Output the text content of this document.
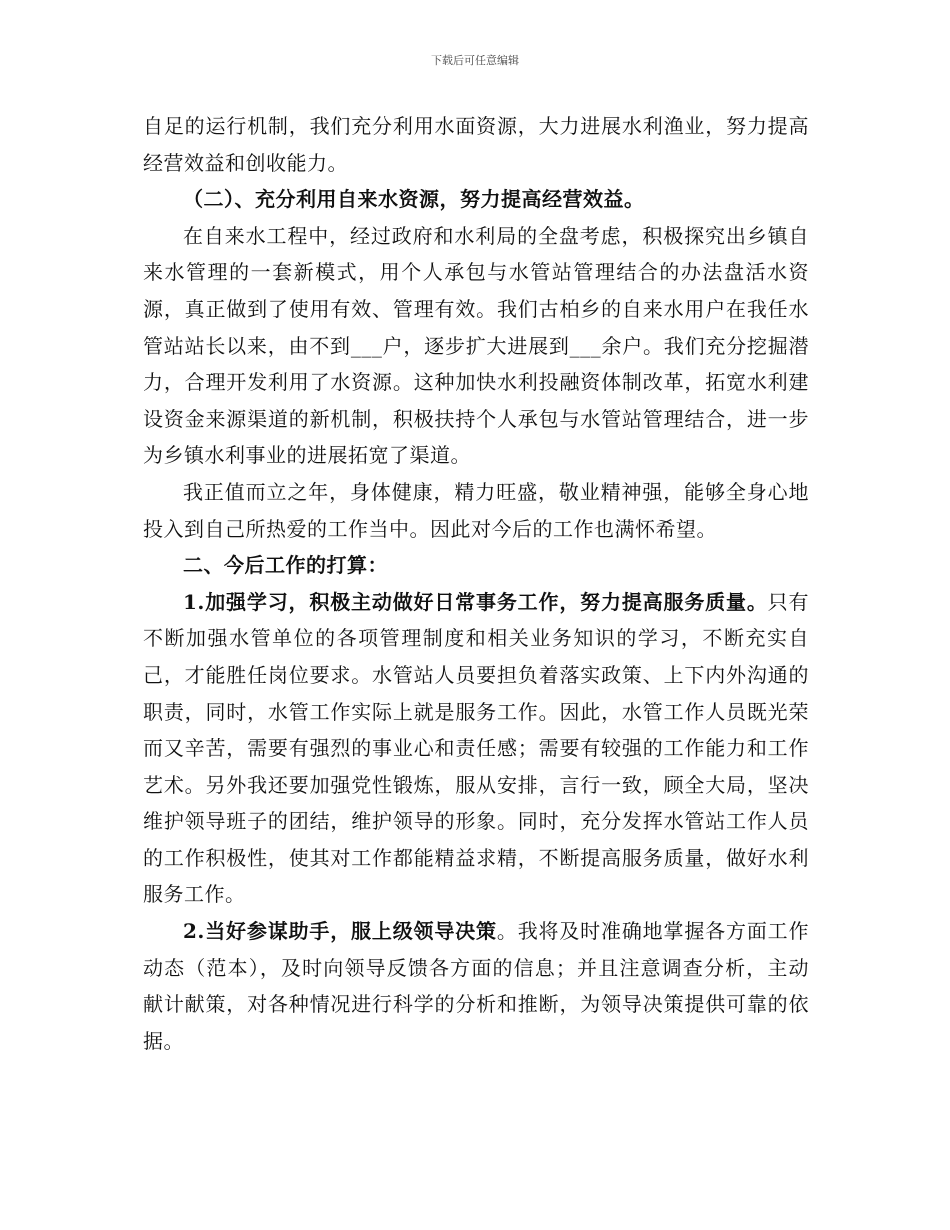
下载后可任意编辑

自足的运行机制，我们充分利用水面资源，大力进展水利渔业，努力提高经营效益和创收能力。

（二）、充分利用自来水资源，努力提高经营效益。

在自来水工程中，经过政府和水利局的全盘考虑，积极探究出乡镇自来水管理的一套新模式，用个人承包与水管站管理结合的办法盘活水资源，真正做到了使用有效、管理有效。我们古柏乡的自来水用户在我任水管站站长以来，由不到___户，逐步扩大进展到___余户。我们充分挖掘潜力，合理开发利用了水资源。这种加快水利投融资体制改革，拓宽水利建设资金来源渠道的新机制，积极扶持个人承包与水管站管理结合，进一步为乡镇水利事业的进展拓宽了渠道。

我正值而立之年，身体健康，精力旺盛，敬业精神强，能够全身心地投入到自己所热爱的工作当中。因此对今后的工作也满怀希望。

二、今后工作的打算：

1.加强学习，积极主动做好日常事务工作，努力提高服务质量。只有不断加强水管单位的各项管理制度和相关业务知识的学习，不断充实自己，才能胜任岗位要求。水管站人员要担负着落实政策、上下内外沟通的职责，同时，水管工作实际上就是服务工作。因此，水管工作人员既光荣而又辛苦，需要有强烈的事业心和责任感；需要有较强的工作能力和工作艺术。另外我还要加强党性锻炼，服从安排，言行一致，顾全大局，坚决维护领导班子的团结，维护领导的形象。同时，充分发挥水管站工作人员的工作积极性，使其对工作都能精益求精，不断提高服务质量，做好水利服务工作。

2.当好参谋助手，服上级领导决策。我将及时准确地掌握各方面工作动态（范本），及时向领导反馈各方面的信息；并且注意调查分析，主动献计献策，对各种情况进行科学的分析和推断，为领导决策提供可靠的依据。
